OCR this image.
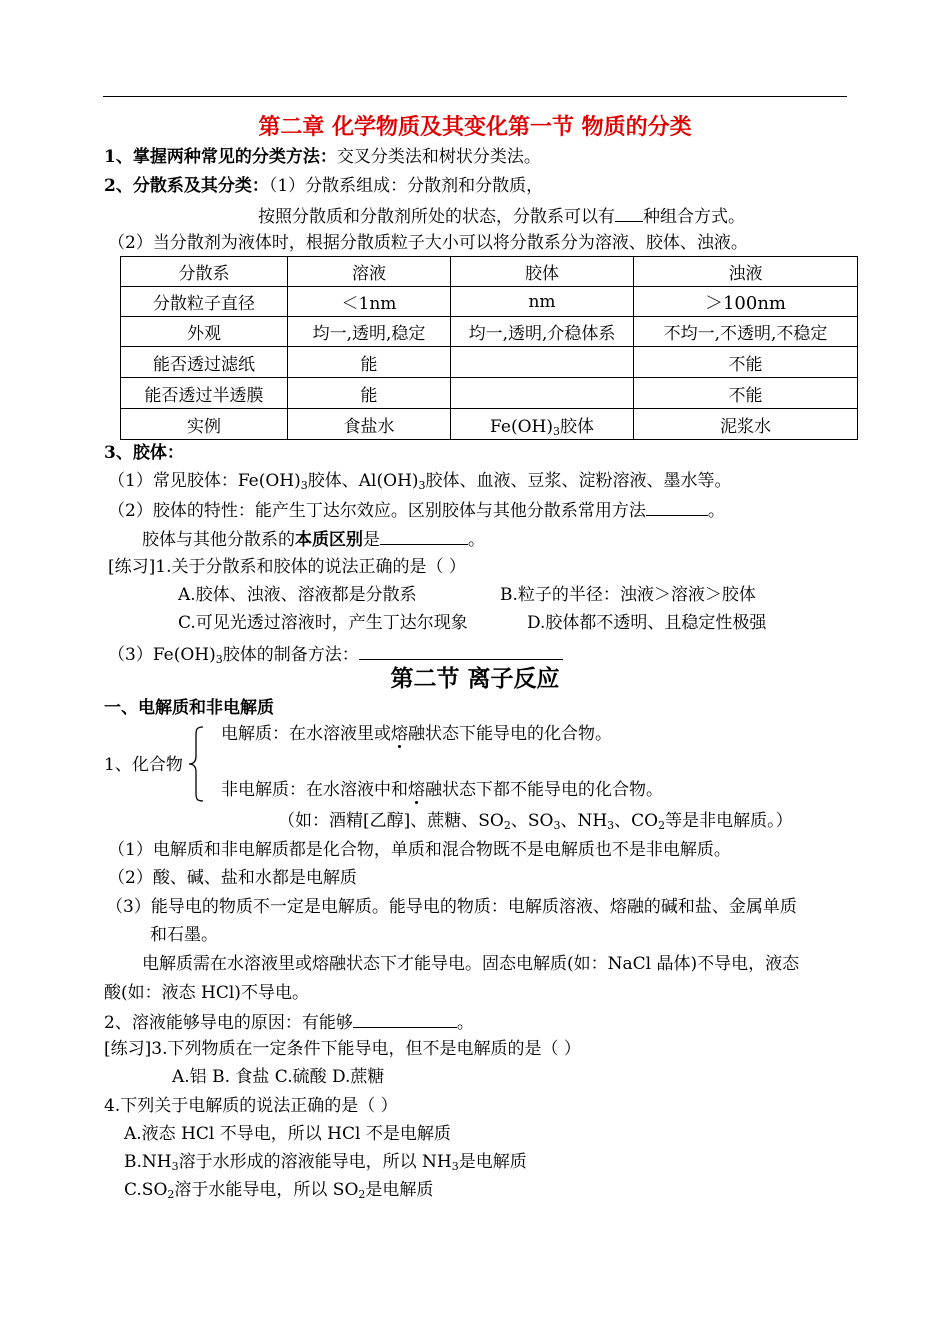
第二章 化学物质及其变化第一节 物质的分类
1、掌握两种常见的分类方法：交叉分类法和树状分类法。
2、分散系及其分类：（1）分散系组成：分散剂和分散质，
按照分散质和分散剂所处的状态，分散系可以有 种组合方式。
（2）当分散剂为液体时，根据分散质粒子大小可以将分散系分为溶液、胶体、浊液。
分散系	溶液	胶体	浊液
分散粒子直径	＜1nm	nm	＞100nm
外观	均一,透明,稳定	均一,透明,介稳体系	不均一,不透明,不稳定
能否透过滤纸	能		不能
能否透过半透膜	能		不能
实例	食盐水	$Fe(OH)_3$胶体	泥浆水
3、胶体：
（1）常见胶体：$Fe(OH)_3$胶体、$Al(OH)_3$胶体、血液、豆浆、淀粉溶液、墨水等。
（2）胶体的特性：能产生丁达尔效应。区别胶体与其他分散系常用方法	。
胶体与其他分散系的本质区别是	。
[练习]1.关于分散系和胶体的说法正确的是（ ）
A.胶体、浊液、溶液都是分散系	B.粒子的半径：浊液＞溶液＞胶体
C.可见光透过溶液时，产生丁达尔现象	D.胶体都不透明、且稳定性极强
$(3)Fe(OH)_3$胶体的制备方法：
第二节 离子反应
一、电解质和非电解质
1、化合物
电解质：在水溶液里或熔融状态下能导电的化合物。
非电解质：在水溶液中和熔融状态下都不能导电的化合物。
（如：酒精[乙醇]、蔗糖、$SO_2$、$SO_3$、$NH_3$、$CO_2$等是非电解质。）
（1）电解质和非电解质都是化合物，单质和混合物既不是电解质也不是非电解质。
（2）酸、碱、盐和水都是电解质
（3）能导电的物质不一定是电解质。能导电的物质：电解质溶液、熔融的碱和盐、金属单质
和石墨。
电解质需在水溶液里或熔融状态下才能导电。固态电解质(如：NaCl 晶体)不导电，液态
酸(如：液态 HCl)不导电。
2、溶液能够导电的原因：有能够	。
[练习]3.下列物质在一定条件下能导电，但不是电解质的是（ ）
A.铝 B. 食盐 C.硫酸 D.蔗糖
4.下列关于电解质的说法正确的是（ ）
A.液态 HCl 不导电，所以 HCl 不是电解质
$B.NH_3$溶于水形成的溶液能导电，所以 $NH_3$是电解质
$C.SO_2$溶于水能导电，所以 $SO_2$是电解质
